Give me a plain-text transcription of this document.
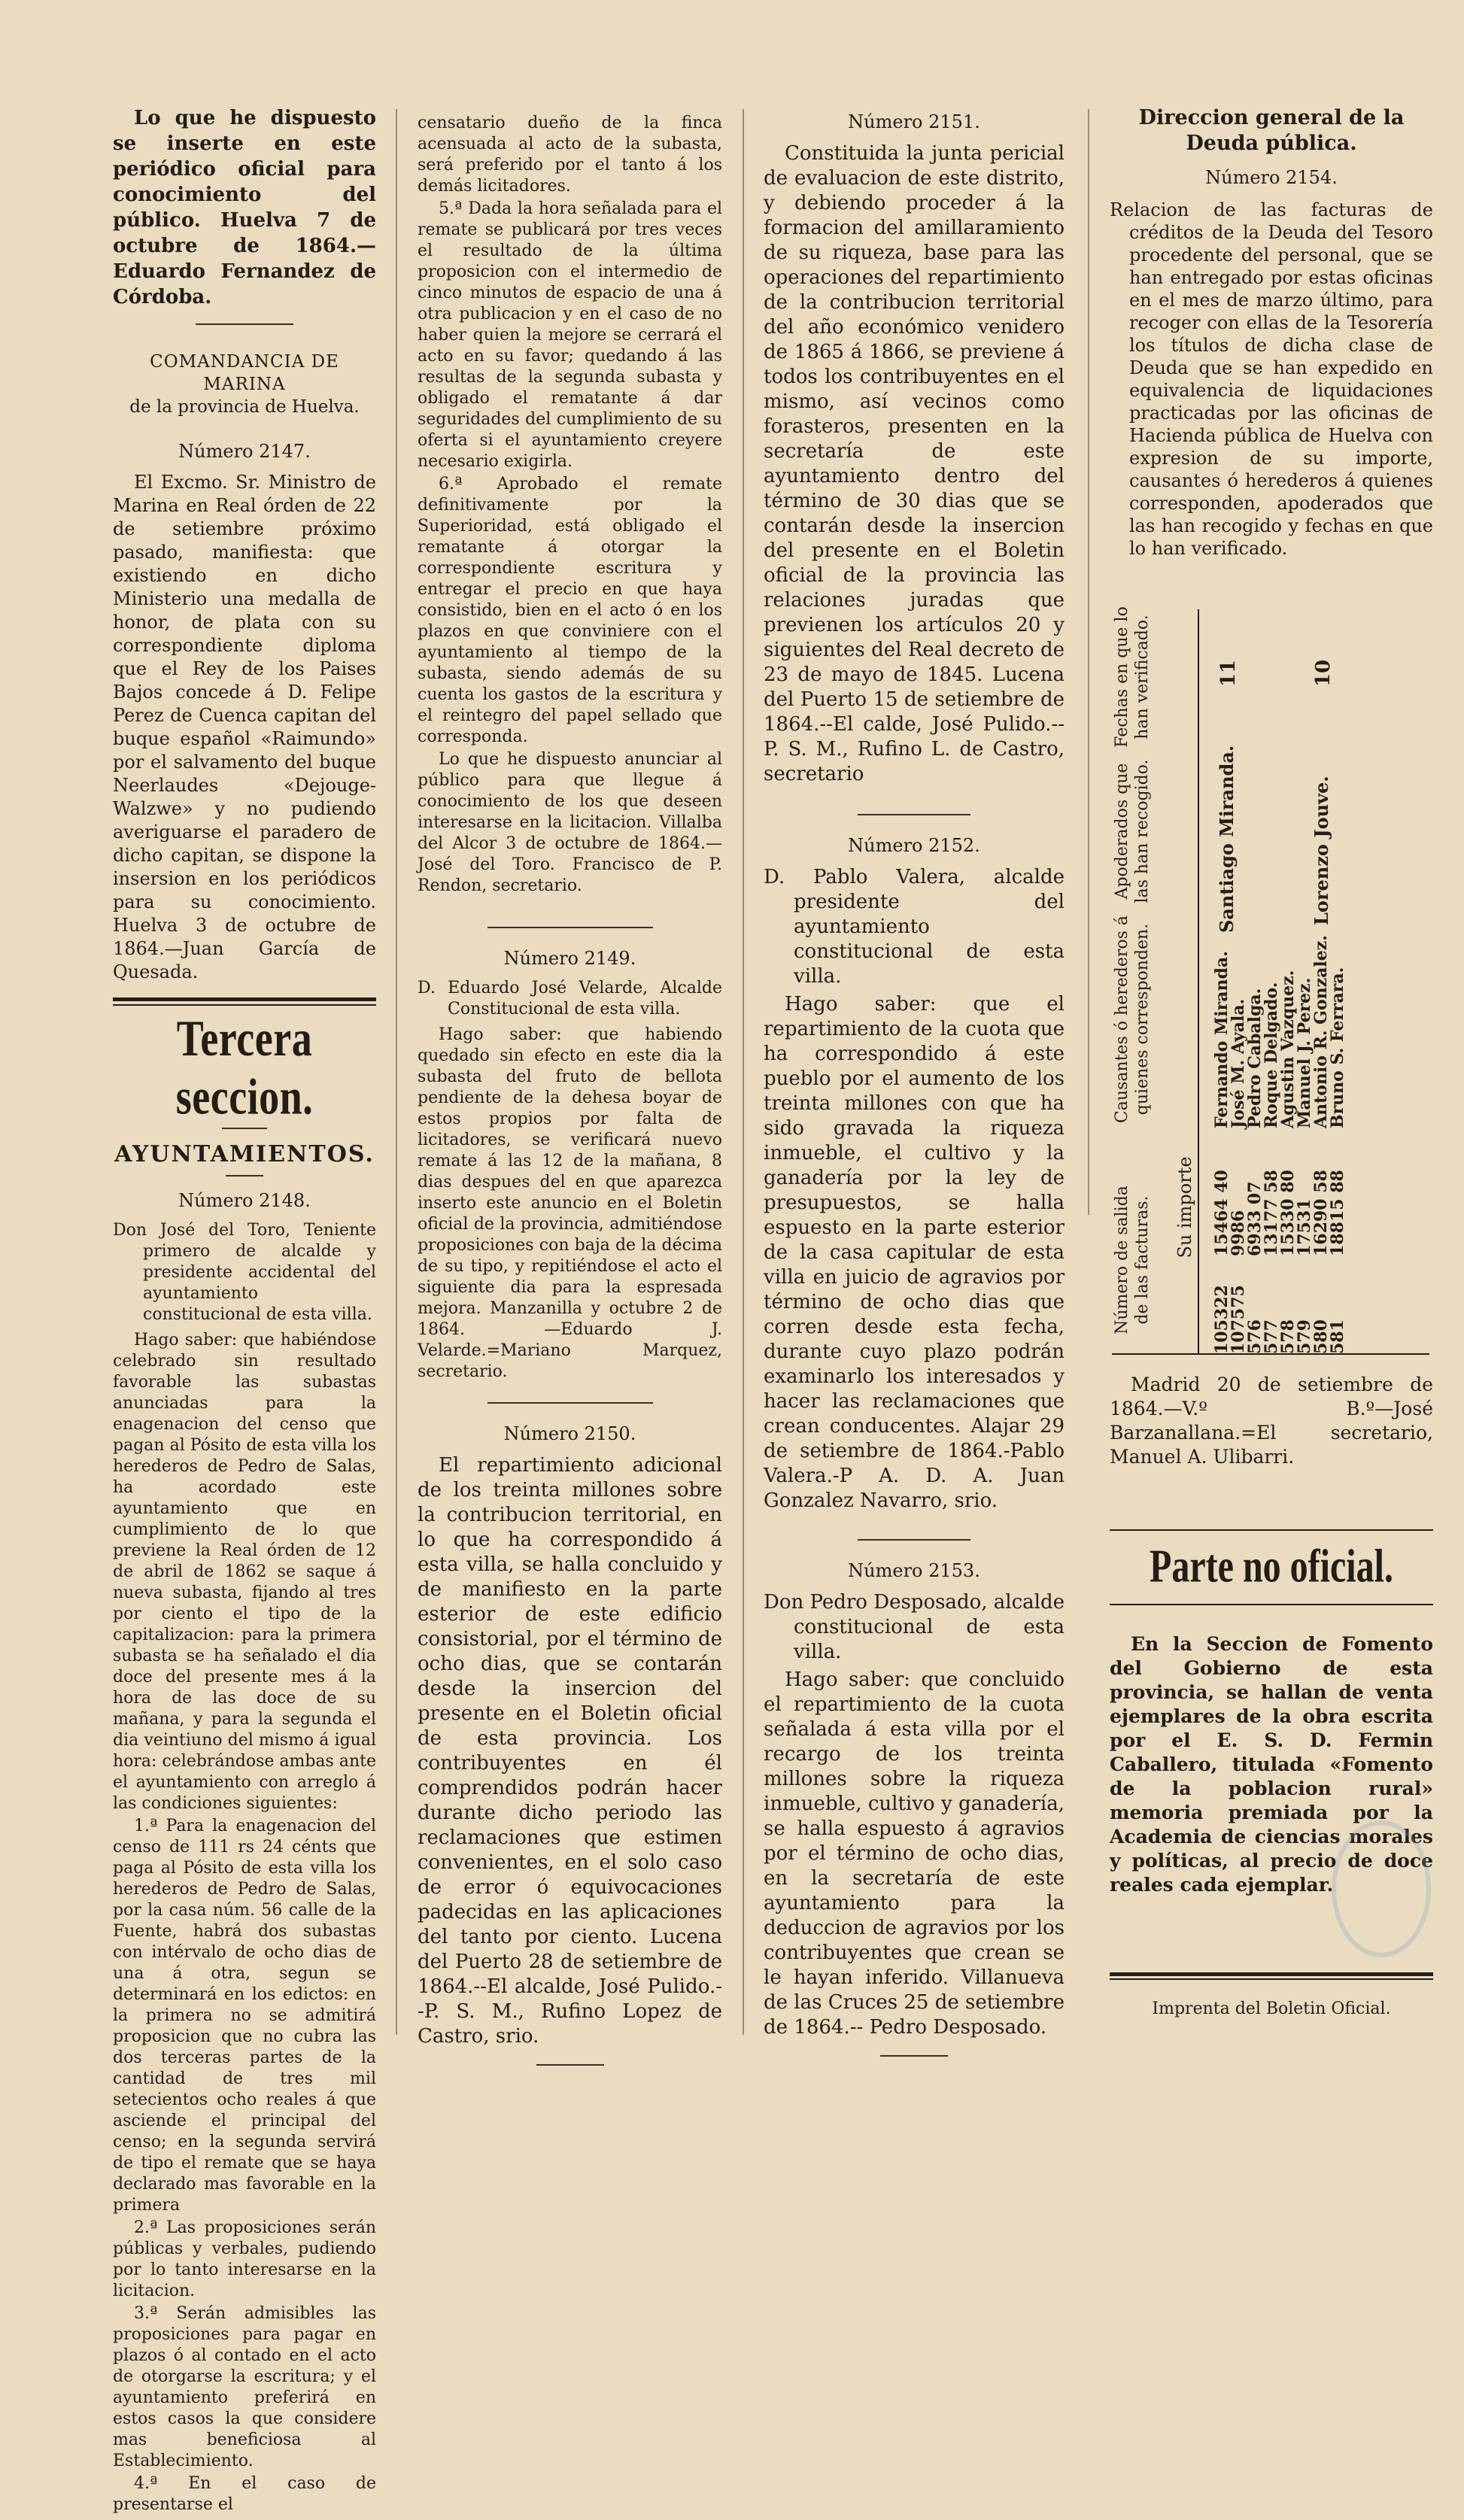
Lo que he dispuesto se inserte en este periódico oficial para conocimiento del público. Huelva 7 de octubre de 1864.—Eduardo Fernandez de Córdoba.

COMANDANCIA DE MARINA
de la provincia de Huelva.
Número 2147.

El Excmo. Sr. Ministro de Marina en Real órden de 22 de setiembre próximo pasado, manifiesta: que existiendo en dicho Ministerio una medalla de honor, de plata con su correspondiente diploma que el Rey de los Paises Bajos concede á D. Felipe Perez de Cuenca capitan del buque español «Raimundo» por el salvamento del buque Neerlaudes «Dejouge-Walzwe» y no pudiendo averiguarse el paradero de dicho capitan, se dispone la insersion en los periódicos para su conocimiento. Huelva 3 de octubre de 1864.—Juan García de Quesada.

Tercera seccion.
AYUNTAMIENTOS.
Número 2148.

Don José del Toro, Teniente primero de alcalde y presidente accidental del ayuntamiento constitucional de esta villa.

Hago saber: que habiéndose celebrado sin resultado favorable las subastas anunciadas para la enagenacion del censo que pagan al Pósito de esta villa los herederos de Pedro de Salas, ha acordado este ayuntamiento que en cumplimiento de lo que previene la Real órden de 12 de abril de 1862 se saque á nueva subasta, fijando al tres por ciento el tipo de la capitalizacion: para la primera subasta se ha señalado el dia doce del presente mes á la hora de las doce de su mañana, y para la segunda el dia veintiuno del mismo á igual hora: celebrándose ambas ante el ayuntamiento con arreglo á las condiciones siguientes:

1.ª Para la enagenacion del censo de 111 rs 24 cénts que paga al Pósito de esta villa los herederos de Pedro de Salas, por la casa núm. 56 calle de la Fuente, habrá dos subastas con intérvalo de ocho dias de una á otra, segun se determinará en los edictos: en la primera no se admitirá proposicion que no cubra las dos terceras partes de la cantidad de tres mil setecientos ocho reales á que asciende el principal del censo; en la segunda servirá de tipo el remate que se haya declarado mas favorable en la primera

2.ª Las proposiciones serán públicas y verbales, pudiendo por lo tanto interesarse en la licitacion.

3.ª Serán admisibles las proposiciones para pagar en plazos ó al contado en el acto de otorgarse la escritura; y el ayuntamiento preferirá en estos casos la que considere mas beneficiosa al Establecimiento.

4.ª En el caso de presentarse el

censatario dueño de la finca acensuada al acto de la subasta, será preferido por el tanto á los demás licitadores.

5.ª Dada la hora señalada para el remate se publicará por tres veces el resultado de la última proposicion con el intermedio de cinco minutos de espacio de una á otra publicacion y en el caso de no haber quien la mejore se cerrará el acto en su favor; quedando á las resultas de la segunda subasta y obligado el rematante á dar seguridades del cumplimiento de su oferta si el ayuntamiento creyere necesario exigirla.

6.ª Aprobado el remate definitivamente por la Superioridad, está obligado el rematante á otorgar la correspondiente escritura y entregar el precio en que haya consistido, bien en el acto ó en los plazos en que conviniere con el ayuntamiento al tiempo de la subasta, siendo además de su cuenta los gastos de la escritura y el reintegro del papel sellado que corresponda.

Lo que he dispuesto anunciar al público para que llegue á conocimiento de los que deseen interesarse en la licitacion. Villalba del Alcor 3 de octubre de 1864.—José del Toro. Francisco de P. Rendon, secretario.

Número 2149.

D. Eduardo José Velarde, Alcalde Constitucional de esta villa.

Hago saber: que habiendo quedado sin efecto en este dia la subasta del fruto de bellota pendiente de la dehesa boyar de estos propios por falta de licitadores, se verificará nuevo remate á las 12 de la mañana, 8 dias despues del en que aparezca inserto este anuncio en el Boletin oficial de la provincia, admitiéndose proposiciones con baja de la décima de su tipo, y repitiéndose el acto el siguiente dia para la espresada mejora. Manzanilla y octubre 2 de 1864. —Eduardo J. Velarde.=Mariano Marquez, secretario.

Número 2150.

El repartimiento adicional de los treinta millones sobre la contribucion territorial, en lo que ha correspondido á esta villa, se halla concluido y de manifiesto en la parte esterior de este edificio consistorial, por el término de ocho dias, que se contarán desde la insercion del presente en el Boletin oficial de esta provincia. Los contribuyentes en él comprendidos podrán hacer durante dicho periodo las reclamaciones que estimen convenientes, en el solo caso de error ó equivocaciones padecidas en las aplicaciones del tanto por ciento. Lucena del Puerto 28 de setiembre de 1864.--El alcalde, José Pulido.--P. S. M., Rufino Lopez de Castro, srio.

Número 2151.

Constituida la junta pericial de evaluacion de este distrito, y debiendo proceder á la formacion del amillaramiento de su riqueza, base para las operaciones del repartimiento de la contribucion territorial del año económico venidero de 1865 á 1866, se previene á todos los contribuyentes en el mismo, así vecinos como forasteros, presenten en la secretaría de este ayuntamiento dentro del término de 30 dias que se contarán desde la insercion del presente en el Boletin oficial de la provincia las relaciones juradas que previenen los artículos 20 y siguientes del Real decreto de 23 de mayo de 1845. Lucena del Puerto 15 de setiembre de 1864.--El calde, José Pulido.--P. S. M., Rufino L. de Castro, secretario

Número 2152.

D. Pablo Valera, alcalde presidente del ayuntamiento constitucional de esta villa.

Hago saber: que el repartimiento de la cuota que ha correspondido á este pueblo por el aumento de los treinta millones con que ha sido gravada la riqueza inmueble, el cultivo y la ganadería por la ley de presupuestos, se halla espuesto en la parte esterior de la casa capitular de esta villa en juicio de agravios por término de ocho dias que corren desde esta fecha, durante cuyo plazo podrán examinarlo los interesados y hacer las reclamaciones que crean conducentes. Alajar 29 de setiembre de 1864.-Pablo Valera.-P A. D. A. Juan Gonzalez Navarro, srio.

Número 2153.

Don Pedro Desposado, alcalde constitucional de esta villa.

Hago saber: que concluido el repartimiento de la cuota señalada á esta villa por el recargo de los treinta millones sobre la riqueza inmueble, cultivo y ganadería, se halla espuesto á agravios por el término de ocho dias, en la secretaría de este ayuntamiento para la deduccion de agravios por los contribuyentes que crean se le hayan inferido. Villanueva de las Cruces 25 de setiembre de 1864.-- Pedro Desposado.

Direccion general de la Deuda pública.
Número 2154.

Relacion de las facturas de créditos de la Deuda del Tesoro procedente del personal, que se han entregado por estas oficinas en el mes de marzo último, para recoger con ellas de la Tesorería los títulos de dicha clase de Deuda que se han expedido en equivalencia de liquidaciones practicadas por las oficinas de Hacienda pública de Huelva con expresion de su importe, causantes ó herederos á quienes corresponden, apoderados que las han recogido y fechas en que lo han verificado.

Número de salida de las facturas. Su importe
Causantes ó herederos á quienes corresponden.
Apoderados que las han recogido.
Fechas en que lo han verificado.
105322
15464 40
Fernando Miranda.
107575
9986
José M. Ayala.
576
6933 07
Pedro Cabalga.
577
13177 58
Roque Delgado.
578
15330 80
Agustin Vazquez.
579
17531
Manuel J. Perez.
580
16290 58
Antonio R. Gonzalez.
581
18815 88
Bruno S. Ferrara.
Santiago Miranda.	Lorenzo Jouve.
11	10

Madrid 20 de setiembre de 1864.—V.º B.º—José Barzanallana.=El secretario, Manuel A. Ulibarri.

Parte no oficial.

En la Seccion de Fomento del Gobierno de esta provincia, se hallan de venta ejemplares de la obra escrita por el E. S. D. Fermin Caballero, titulada «Fomento de la poblacion rural» memoria premiada por la Academia de ciencias morales y políticas, al precio de doce reales cada ejemplar.

Imprenta del Boletin Oficial.
